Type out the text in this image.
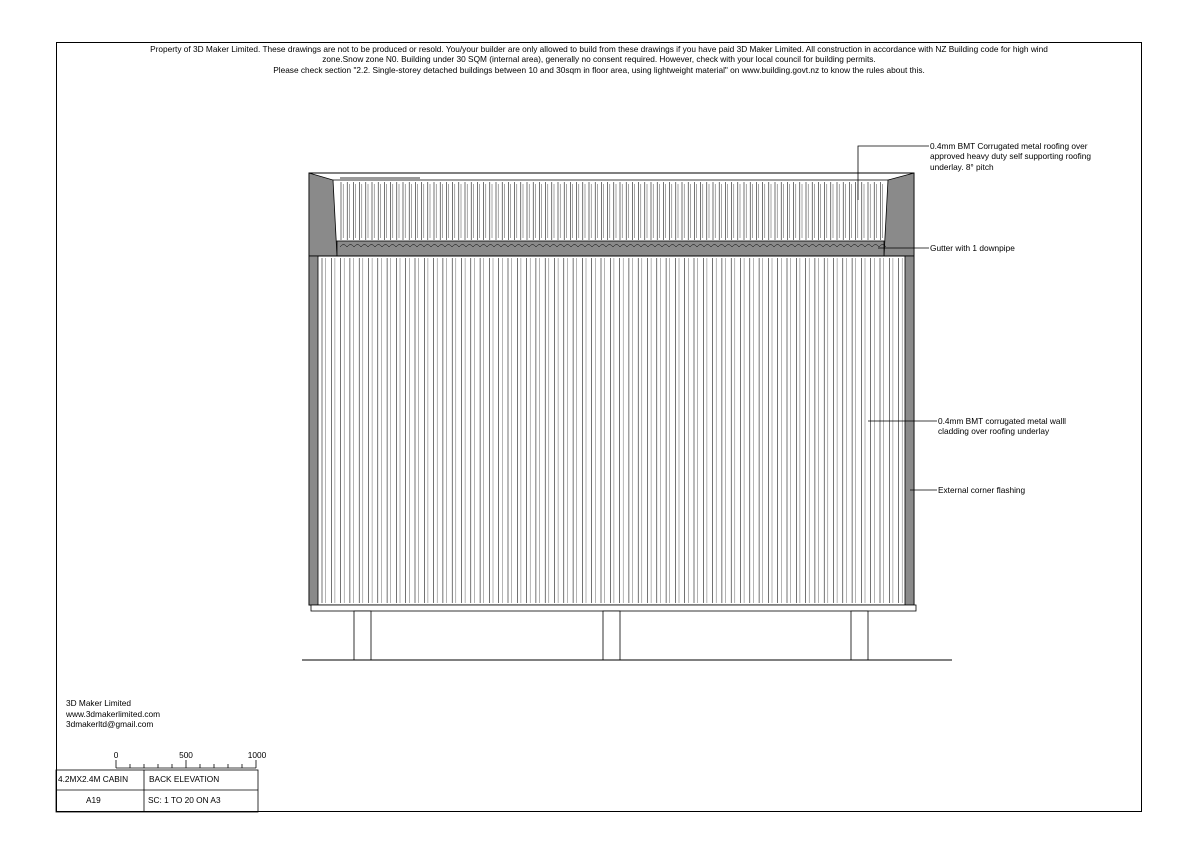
Property of 3D Maker Limited. These drawings are not to be produced or resold. You/your builder are only allowed to build from these drawings if you have paid 3D Maker Limited. All construction in accordance with NZ Building code for high wind
zone.Snow zone N0. Building under 30 SQM (internal area), generally no consent required. However, check with your local council for building permits.
Please check section "2.2. Single-storey detached buildings between 10 and 30sqm in floor area, using lightweight material" on www.building.govt.nz to know the rules about this.
0.4mm BMT Corrugated metal roofing over
approved heavy duty self supporting roofing
underlay. 8° pitch
Gutter with 1 downpipe
0.4mm BMT corrugated metal walll
cladding over roofing underlay
External corner flashing
3D Maker Limited
www.3dmakerlimited.com
3dmakerltd@gmail.com
0	500	1000
4.2MX2.4M CABIN	BACK ELEVATION
A19	SC: 1 TO 20 ON A3
